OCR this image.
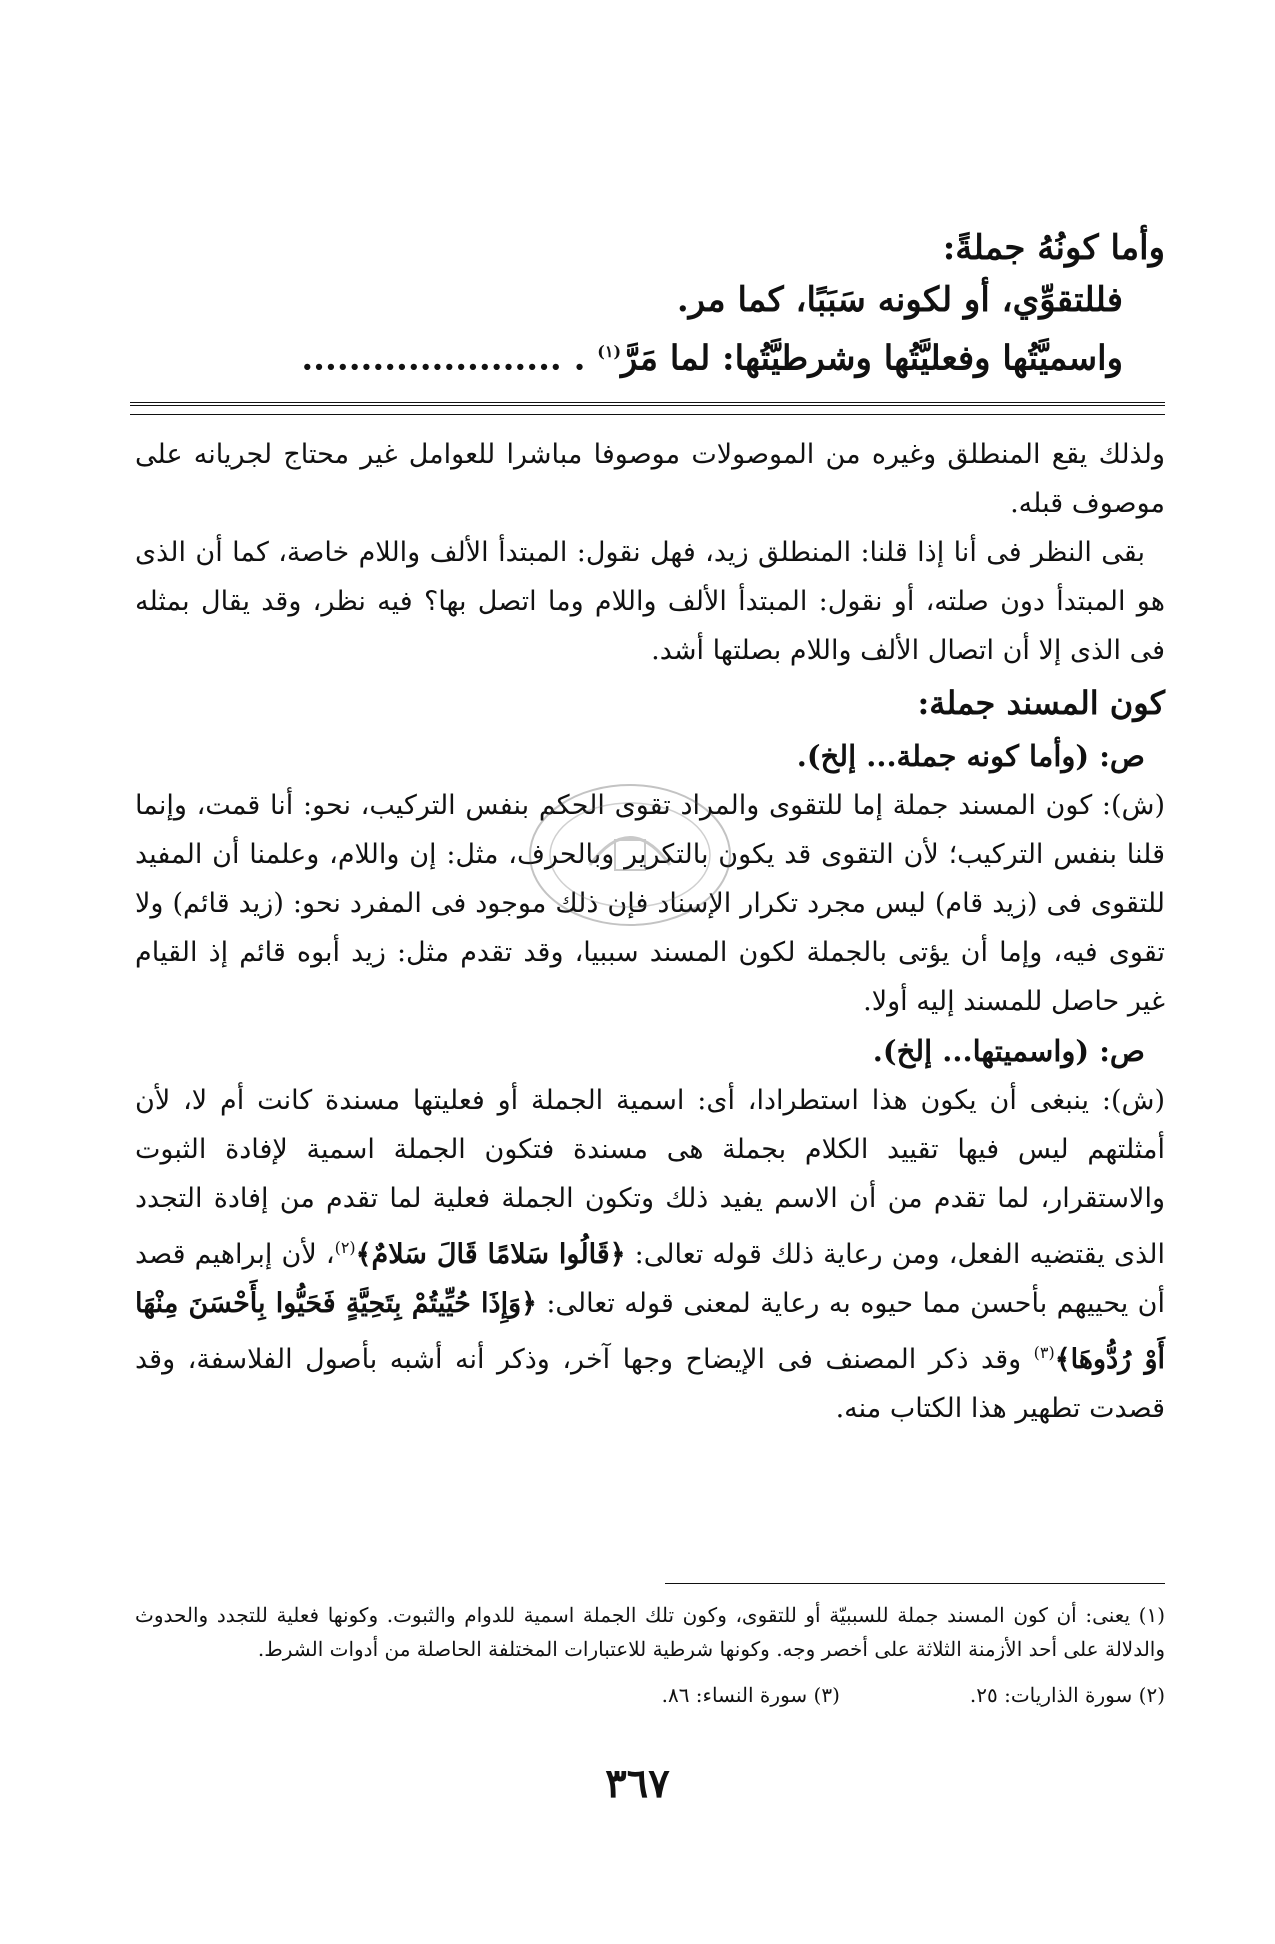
وأما كونُهُ جملةً:
فللتقوِّي، أو لكونه سَبَبًا، كما مر.
واسميَّتُها وفعليَّتُها وشرطيَّتُها: لما مَرَّ$^{(١)}$ . ......................

ولذلك يقع المنطلق وغيره من الموصولات موصوفا مباشرا للعوامل غير محتاج لجريانه على موصوف قبله.

بقى النظر فى أنا إذا قلنا: المنطلق زيد، فهل نقول: المبتدأ الألف واللام خاصة، كما أن الذى هو المبتدأ دون صلته، أو نقول: المبتدأ الألف واللام وما اتصل بها؟ فيه نظر، وقد يقال بمثله فى الذى إلا أن اتصال الألف واللام بصلتها أشد.

كون المسند جملة:

ص: (وأما كونه جملة... إلخ).

(ش): كون المسند جملة إما للتقوى والمراد تقوى الحكم بنفس التركيب، نحو: أنا قمت، وإنما قلنا بنفس التركيب؛ لأن التقوى قد يكون بالتكرير وبالحرف، مثل: إن واللام، وعلمنا أن المفيد للتقوى فى (زيد قام) ليس مجرد تكرار الإسناد فإن ذلك موجود فى المفرد نحو: (زيد قائم) ولا تقوى فيه، وإما أن يؤتى بالجملة لكون المسند سببيا، وقد تقدم مثل: زيد أبوه قائم إذ القيام غير حاصل للمسند إليه أولا.

ص: (واسميتها... إلخ).

(ش): ينبغى أن يكون هذا استطرادا، أى: اسمية الجملة أو فعليتها مسندة كانت أم لا، لأن أمثلتهم ليس فيها تقييد الكلام بجملة هى مسندة فتكون الجملة اسمية لإفادة الثبوت والاستقرار، لما تقدم من أن الاسم يفيد ذلك وتكون الجملة فعلية لما تقدم من إفادة التجدد الذى يقتضيه الفعل، ومن رعاية ذلك قوله تعالى: ﴿قَالُوا سَلامًا قَالَ سَلامٌ﴾$^{(٢)}$، لأن إبراهيم قصد أن يحييهم بأحسن مما حيوه به رعاية لمعنى قوله تعالى: ﴿وَإِذَا حُيِّيتُمْ بِتَحِيَّةٍ فَحَيُّوا بِأَحْسَنَ مِنْهَا أَوْ رُدُّوهَا﴾$^{(٣)}$ وقد ذكر المصنف فى الإيضاح وجها آخر، وذكر أنه أشبه بأصول الفلاسفة، وقد قصدت تطهير هذا الكتاب منه.

(١) يعنى: أن كون المسند جملة للسببيّة أو للتقوى، وكون تلك الجملة اسمية للدوام والثبوت. وكونها فعلية للتجدد والحدوث والدلالة على أحد الأزمنة الثلاثة على أخصر وجه. وكونها شرطية للاعتبارات المختلفة الحاصلة من أدوات الشرط.

(٢) سورة الذاريات: ٢٥.
(٣) سورة النساء: ٨٦.
٣٦٧
